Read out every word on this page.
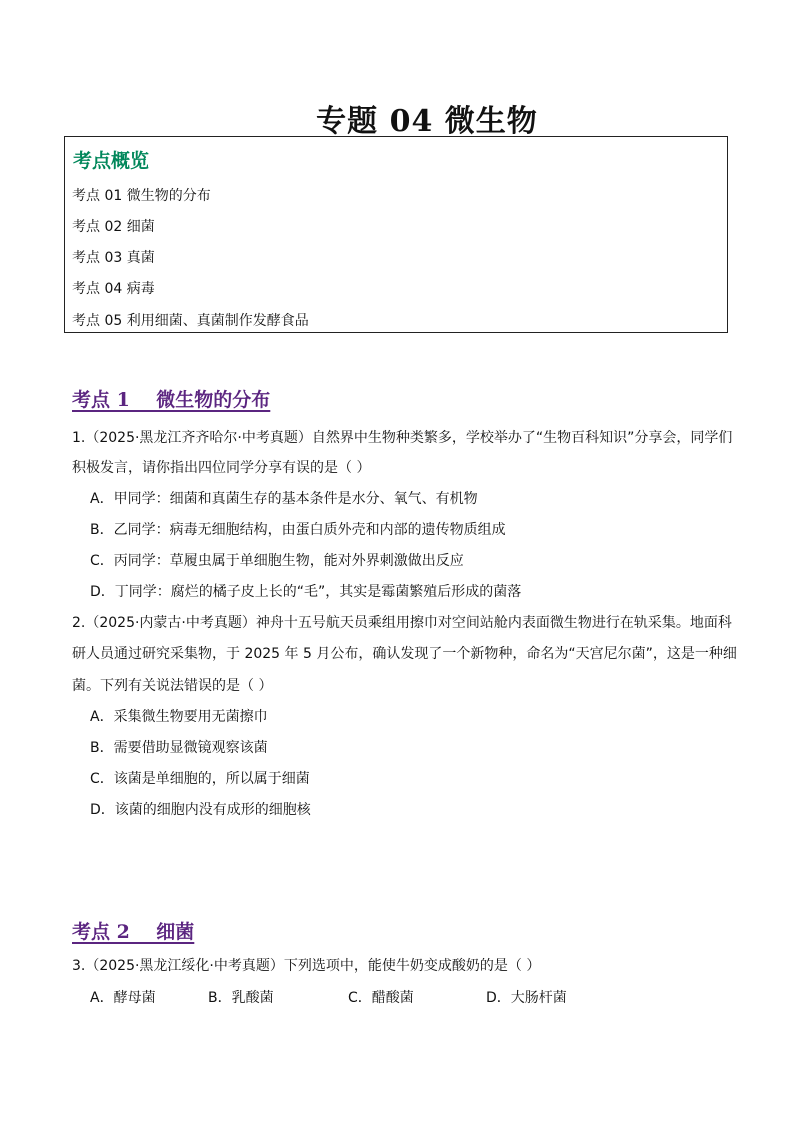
专题 04 微生物
考点概览
考点 01 微生物的分布
考点 02 细菌
考点 03 真菌
考点 04 病毒
考点 05 利用细菌、真菌制作发酵食品
考点 1    微生物的分布
1.（2025·黑龙江齐齐哈尔·中考真题）自然界中生物种类繁多，学校举办了“生物百科知识”分享会，同学们
积极发言，请你指出四位同学分享有误的是（ ）
A．甲同学：细菌和真菌生存的基本条件是水分、氧气、有机物
B．乙同学：病毒无细胞结构，由蛋白质外壳和内部的遗传物质组成
C．丙同学：草履虫属于单细胞生物，能对外界刺激做出反应
D．丁同学：腐烂的橘子皮上长的“毛”，其实是霉菌繁殖后形成的菌落
2.（2025·内蒙古·中考真题）神舟十五号航天员乘组用擦巾对空间站舱内表面微生物进行在轨采集。地面科
研人员通过研究采集物，于 2025 年 5 月公布，确认发现了一个新物种，命名为“天宫尼尔菌”，这是一种细
菌。下列有关说法错误的是（ ）
A．采集微生物要用无菌擦巾
B．需要借助显微镜观察该菌
C．该菌是单细胞的，所以属于细菌
D．该菌的细胞内没有成形的细胞核
考点 2    细菌
3.（2025·黑龙江绥化·中考真题）下列选项中，能使牛奶变成酸奶的是（ ）
A．酵母菌	B．乳酸菌	C．醋酸菌	D．大肠杆菌
